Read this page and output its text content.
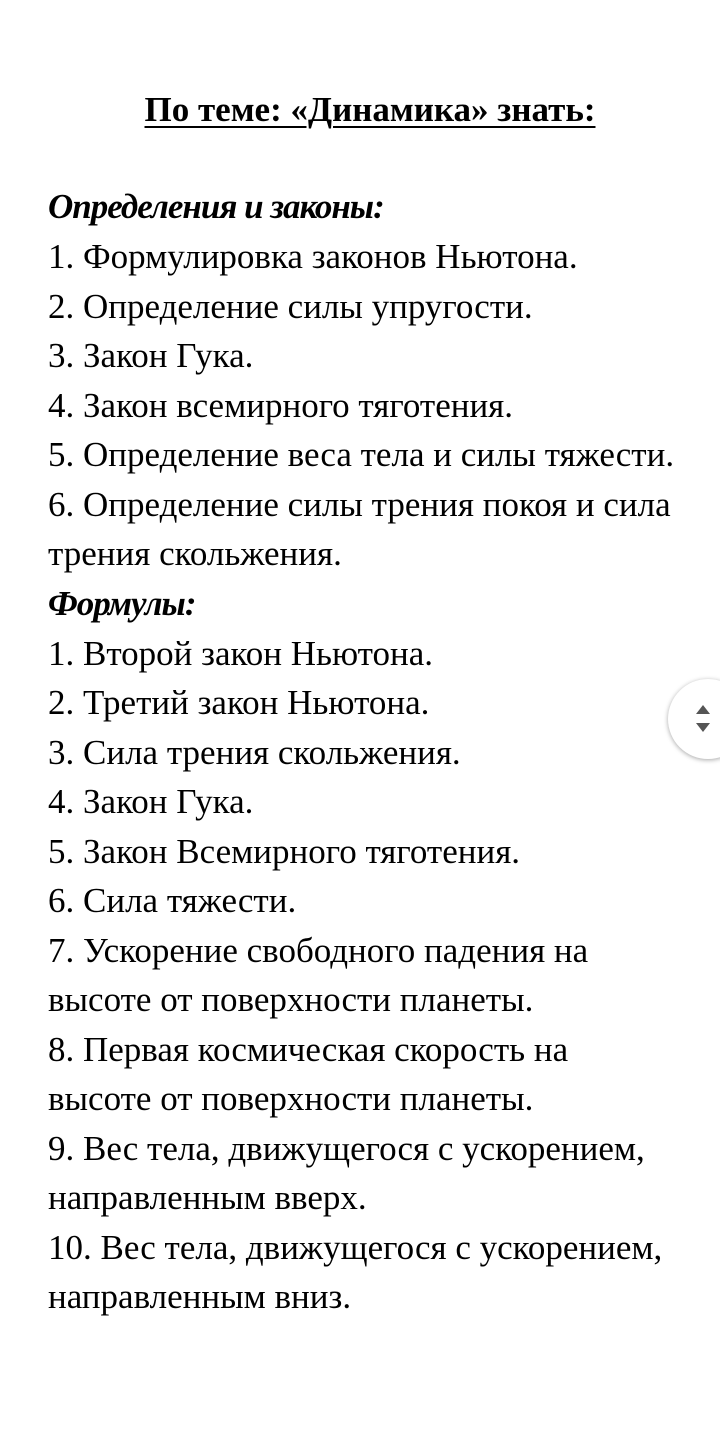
По теме: «Динамика» знать:
Определения и законы:
1. Формулировка законов Ньютона.
2. Определение силы упругости.
3. Закон Гука.
4. Закон всемирного тяготения.
5. Определение веса тела и силы тяжести.
6. Определение силы трения покоя и сила трения скольжения.
Формулы:
1. Второй закон Ньютона.
2. Третий закон Ньютона.
3. Сила трения скольжения.
4. Закон Гука.
5. Закон Всемирного тяготения.
6. Сила тяжести.
7. Ускорение свободного падения на высоте от поверхности планеты.
8. Первая космическая скорость на высоте от поверхности планеты.
9. Вес тела, движущегося с ускорением, направленным вверх.
10. Вес тела, движущегося с ускорением, направленным вниз.
